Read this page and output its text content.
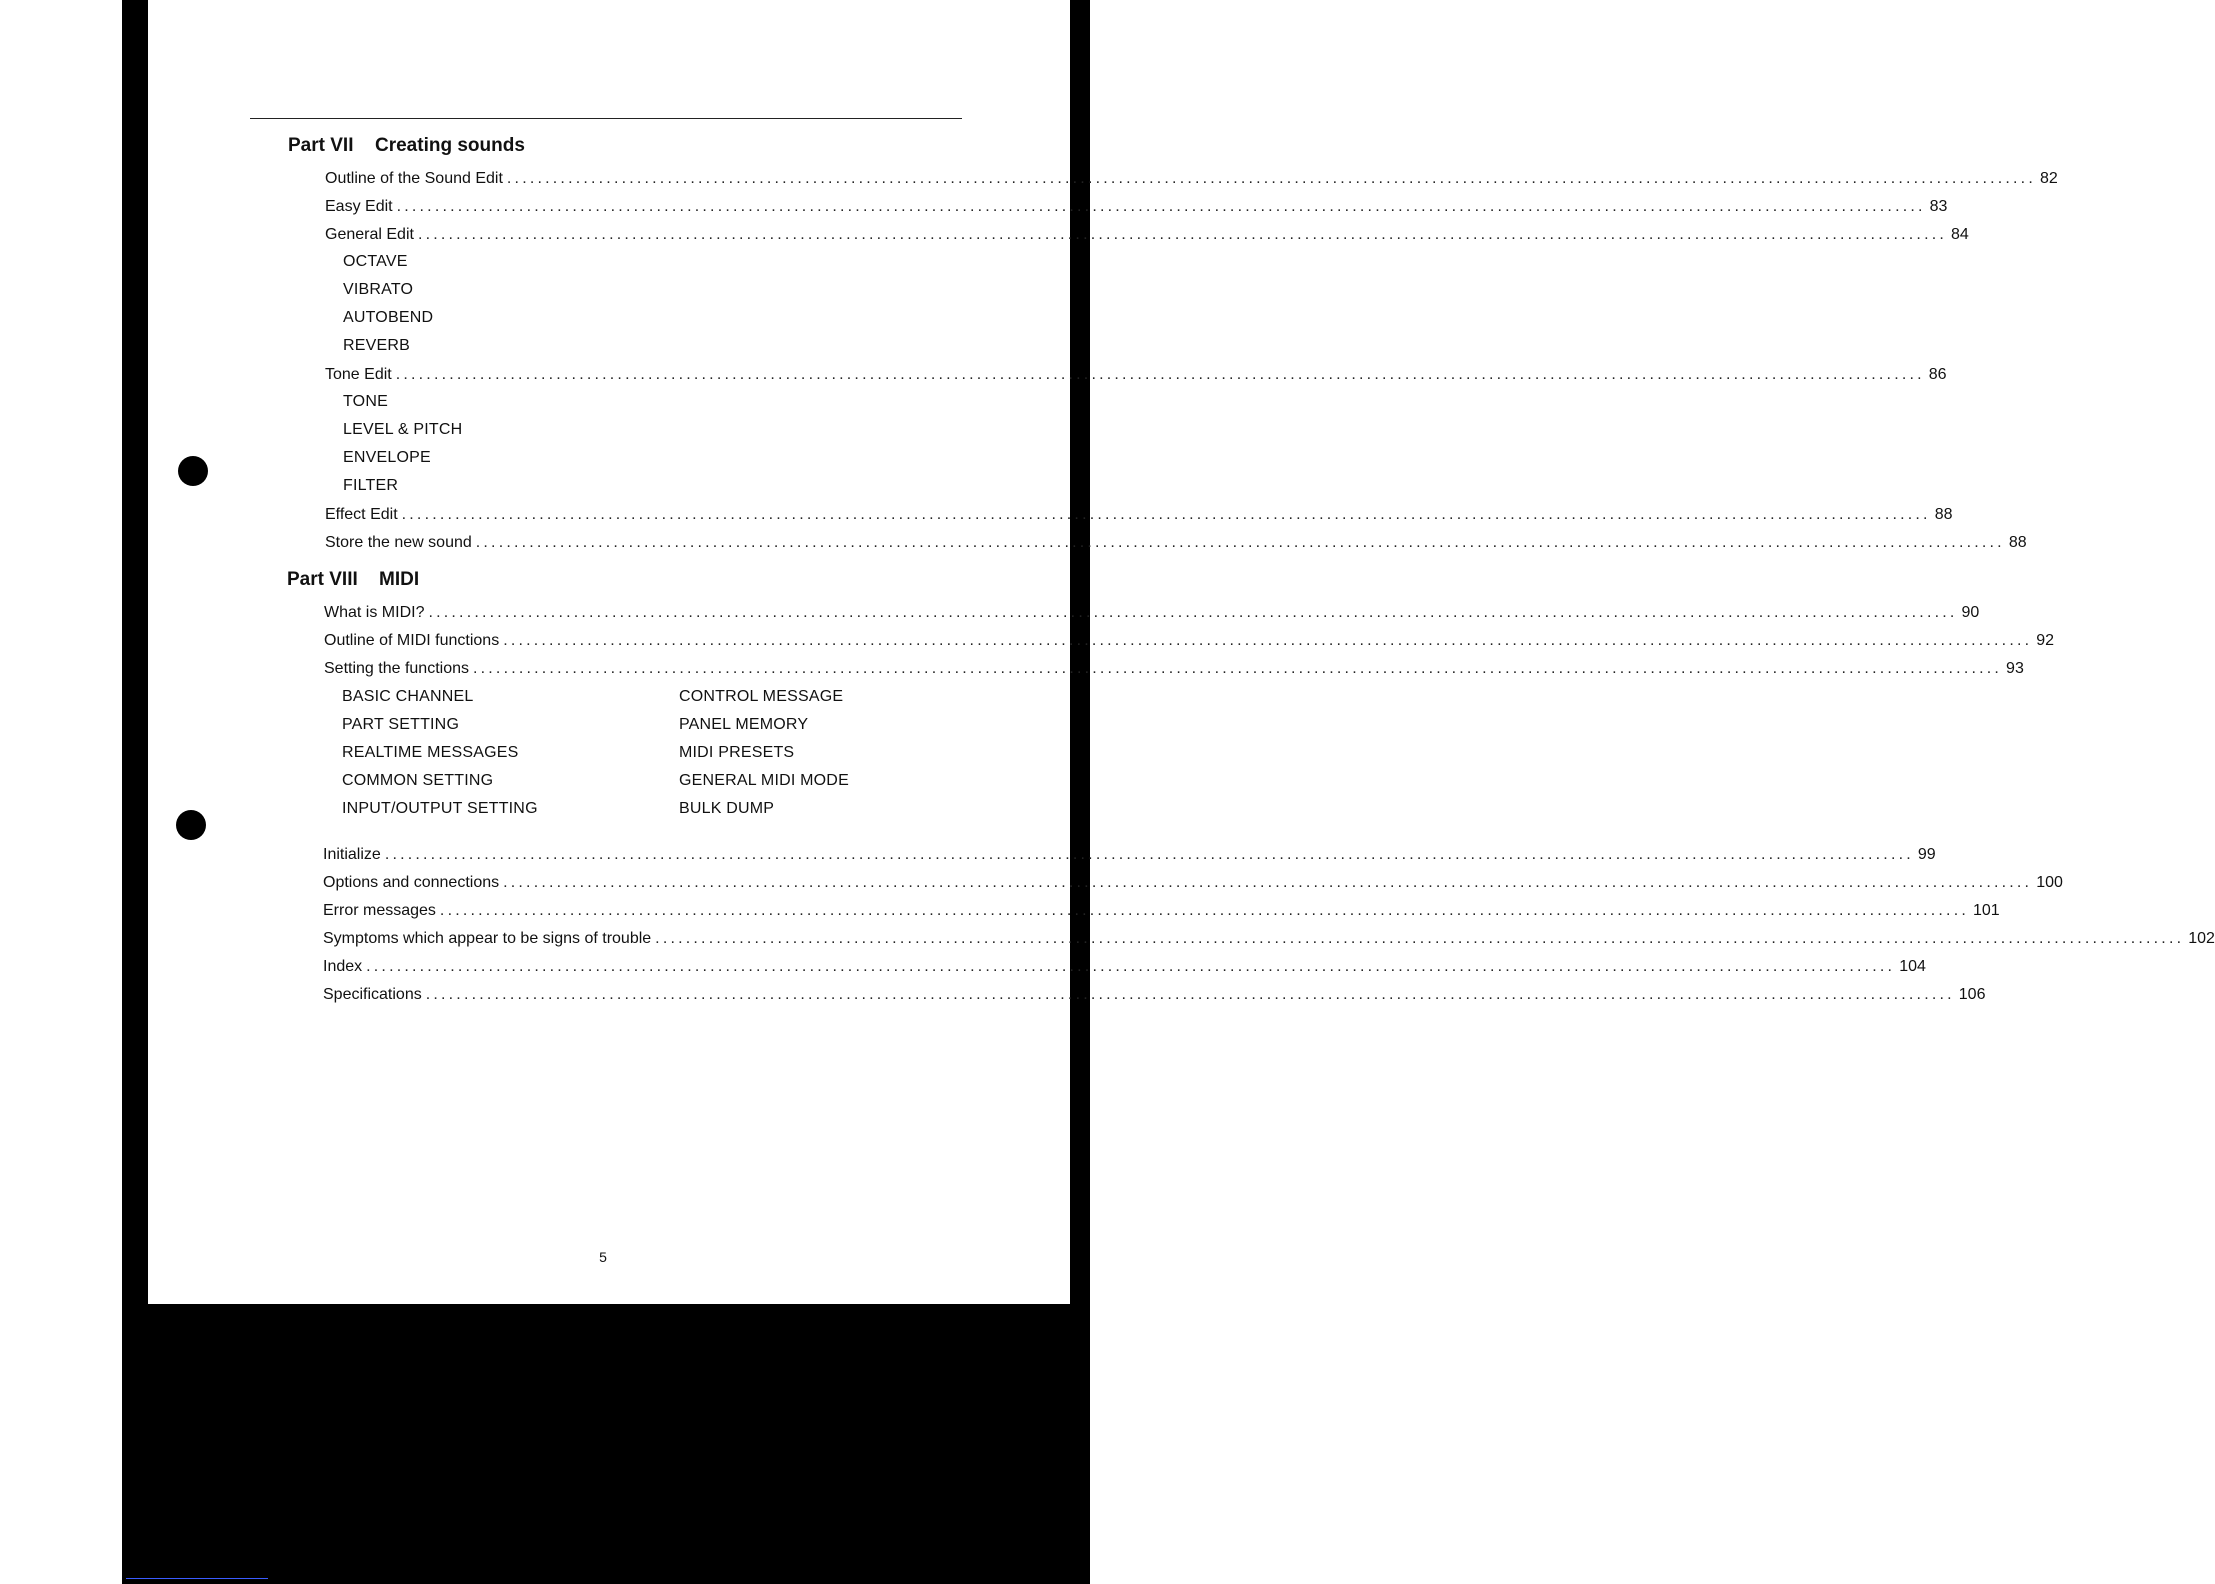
Part VII Creating sounds
Outline of the Sound Edit ........................................................................................................................................................................................................ 82
Easy Edit ........................................................................................................................................................................................................ 83
General Edit ........................................................................................................................................................................................................ 84
OCTAVE
VIBRATO
AUTOBEND
REVERB
Tone Edit ........................................................................................................................................................................................................ 86
TONE
LEVEL & PITCH
ENVELOPE
FILTER
Effect Edit ........................................................................................................................................................................................................ 88
Store the new sound ........................................................................................................................................................................................................ 88
Part VIII MIDI
What is MIDI? ........................................................................................................................................................................................................ 90
Outline of MIDI functions ........................................................................................................................................................................................................ 92
Setting the functions ........................................................................................................................................................................................................ 93
BASIC CHANNEL
PART SETTING
REALTIME MESSAGES
COMMON SETTING
INPUT/OUTPUT SETTING
CONTROL MESSAGE
PANEL MEMORY
MIDI PRESETS
GENERAL MIDI MODE
BULK DUMP
Initialize ........................................................................................................................................................................................................ 99
Options and connections ........................................................................................................................................................................................................ 100
Error messages ........................................................................................................................................................................................................ 101
Symptoms which appear to be signs of trouble ........................................................................................................................................................................................................ 102
Index ........................................................................................................................................................................................................ 104
Specifications ........................................................................................................................................................................................................ 106
5
